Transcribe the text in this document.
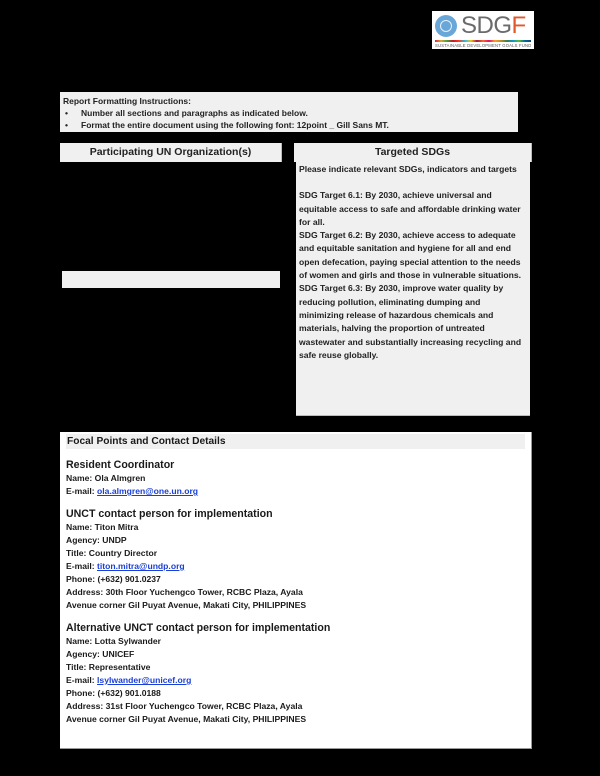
SDGF
SUSTAINABLE DEVELOPMENT GOALS FUND
Report Formatting Instructions:
• Number all sections and paragraphs as indicated below.
• Format the entire document using the following font: 12point _ Gill Sans MT.
Participating UN Organization(s)	Targeted SDGs

Please indicate relevant SDGs, indicators and targets

SDG Target 6.1: By 2030, achieve universal and equitable access to safe and affordable drinking water for all.

SDG Target 6.2: By 2030, achieve access to adequate and equitable sanitation and hygiene for all and end

open defecation, paying special attention to the needs of women and girls and those in vulnerable situations.

SDG Target 6.3: By 2030, improve water quality by reducing pollution, eliminating dumping and minimizing release of hazardous chemicals and materials, halving the proportion of untreated wastewater and substantially increasing recycling and safe reuse globally.

Focal Points and Contact Details
Resident Coordinator
Name: Ola Almgren
E-mail: ola.almgren@one.un.org
UNCT contact person for implementation
Name: Titon Mitra
Agency: UNDP
Title: Country Director
E-mail: titon.mitra@undp.org
Phone: (+632) 901.0237
Address: 30th Floor Yuchengco Tower, RCBC Plaza, Ayala
Avenue corner Gil Puyat Avenue, Makati City, PHILIPPINES
Alternative UNCT contact person for implementation
Name: Lotta Sylwander
Agency: UNICEF
Title: Representative
E-mail: lsylwander@unicef.org
Phone: (+632) 901.0188
Address: 31st Floor Yuchengco Tower, RCBC Plaza, Ayala
Avenue corner Gil Puyat Avenue, Makati City, PHILIPPINES
